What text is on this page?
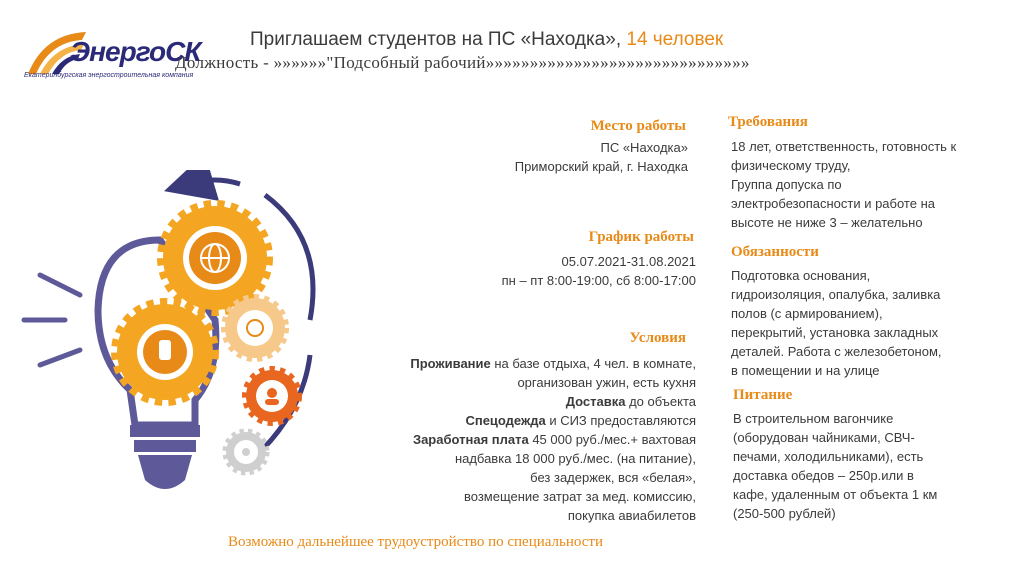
ЭнергоСК
Екатеринбургская энергостроительная компания
Приглашаем студентов на ПС «Находка», 14 человек
Должность - »»»»»»"Подсобный рабочий»»»»»»»»»»»»»»»»»»»»»»»»»»»»»»
Место работы
ПС «Находка»
Приморский край, г. Находка
График работы
05.07.2021-31.08.2021
пн – пт 8:00-19:00, сб 8:00-17:00
Условия
Проживание на базе отдыха, 4 чел. в комнате,
организован ужин, есть кухня
Доставка до объекта
Спецодежда и СИЗ предоставляются
Заработная плата 45 000 руб./мес.+ вахтовая
надбавка 18 000 руб./мес. (на питание),
без задержек, вся «белая»,
возмещение затрат за мед. комиссию,
покупка авиабилетов
Требования
18 лет, ответственность, готовность к
физическому труду,
Группа допуска по
электробезопасности и работе на
высоте не ниже 3 – желательно
Обязанности
Подготовка основания,
гидроизоляция, опалубка, заливка
полов (с армированием),
перекрытий, установка закладных
деталей. Работа с железобетоном,
в помещении и на улице
Питание
В строительном вагончике
(оборудован чайниками, СВЧ-
печами, холодильниками), есть
доставка обедов – 250р.или в
кафе, удаленным от объекта 1 км
(250-500 рублей)
Возможно дальнейшее трудоустройство по специальности
